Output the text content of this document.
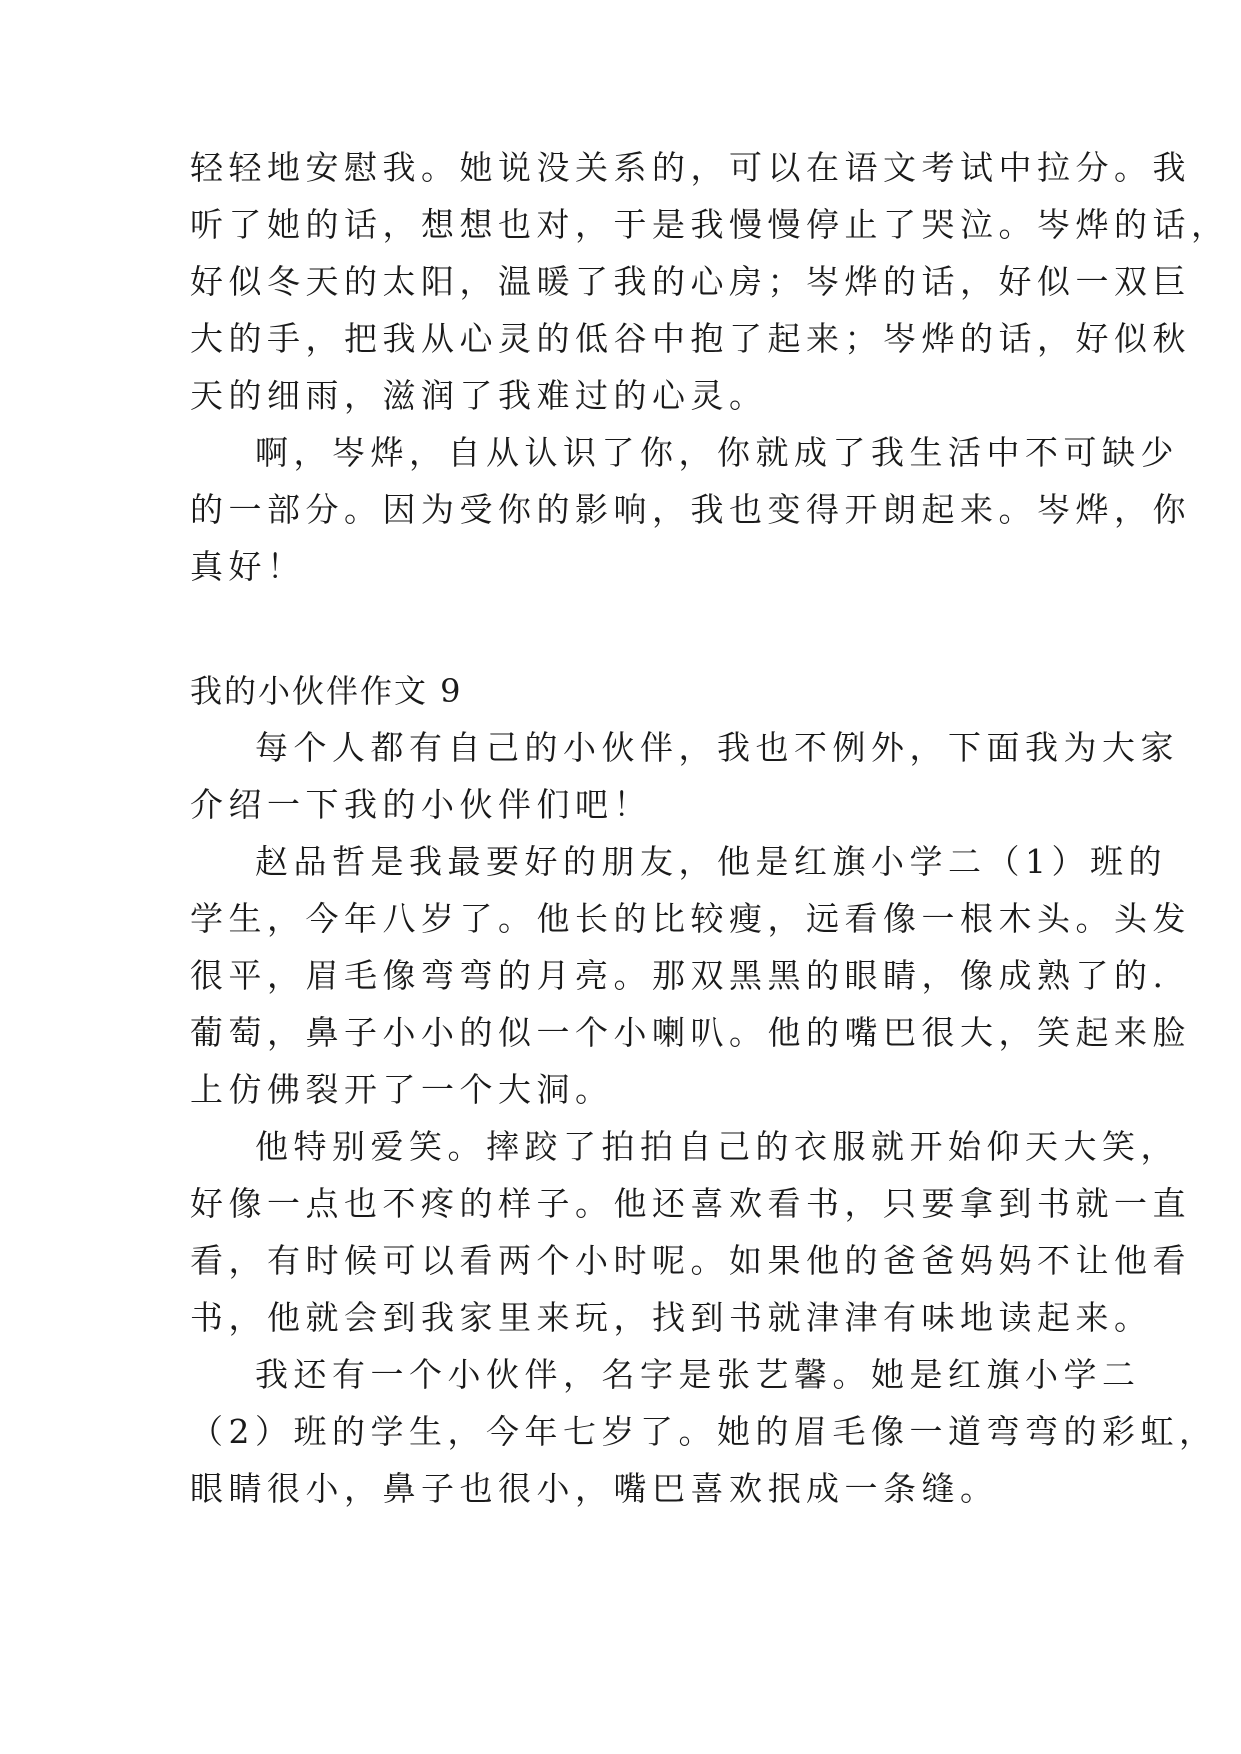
轻轻地安慰我。她说没关系的，可以在语文考试中拉分。我
听了她的话，想想也对，于是我慢慢停止了哭泣。岑烨的话，
好似冬天的太阳，温暖了我的心房；岑烨的话，好似一双巨
大的手，把我从心灵的低谷中抱了起来；岑烨的话，好似秋
天的细雨，滋润了我难过的心灵。
啊，岑烨，自从认识了你，你就成了我生活中不可缺少
的一部分。因为受你的影响，我也变得开朗起来。岑烨，你
真好！
我的小伙伴作文 9
每个人都有自己的小伙伴，我也不例外，下面我为大家
介绍一下我的小伙伴们吧！
赵品哲是我最要好的朋友，他是红旗小学二（1）班的
学生，今年八岁了。他长的比较瘦，远看像一根木头。头发
很平，眉毛像弯弯的月亮。那双黑黑的眼睛，像成熟了的.
葡萄，鼻子小小的似一个小喇叭。他的嘴巴很大，笑起来脸
上仿佛裂开了一个大洞。
他特别爱笑。摔跤了拍拍自己的衣服就开始仰天大笑，
好像一点也不疼的样子。他还喜欢看书，只要拿到书就一直
看，有时候可以看两个小时呢。如果他的爸爸妈妈不让他看
书，他就会到我家里来玩，找到书就津津有味地读起来。
我还有一个小伙伴，名字是张艺馨。她是红旗小学二
（2）班的学生，今年七岁了。她的眉毛像一道弯弯的彩虹，
眼睛很小，鼻子也很小，嘴巴喜欢抿成一条缝。
